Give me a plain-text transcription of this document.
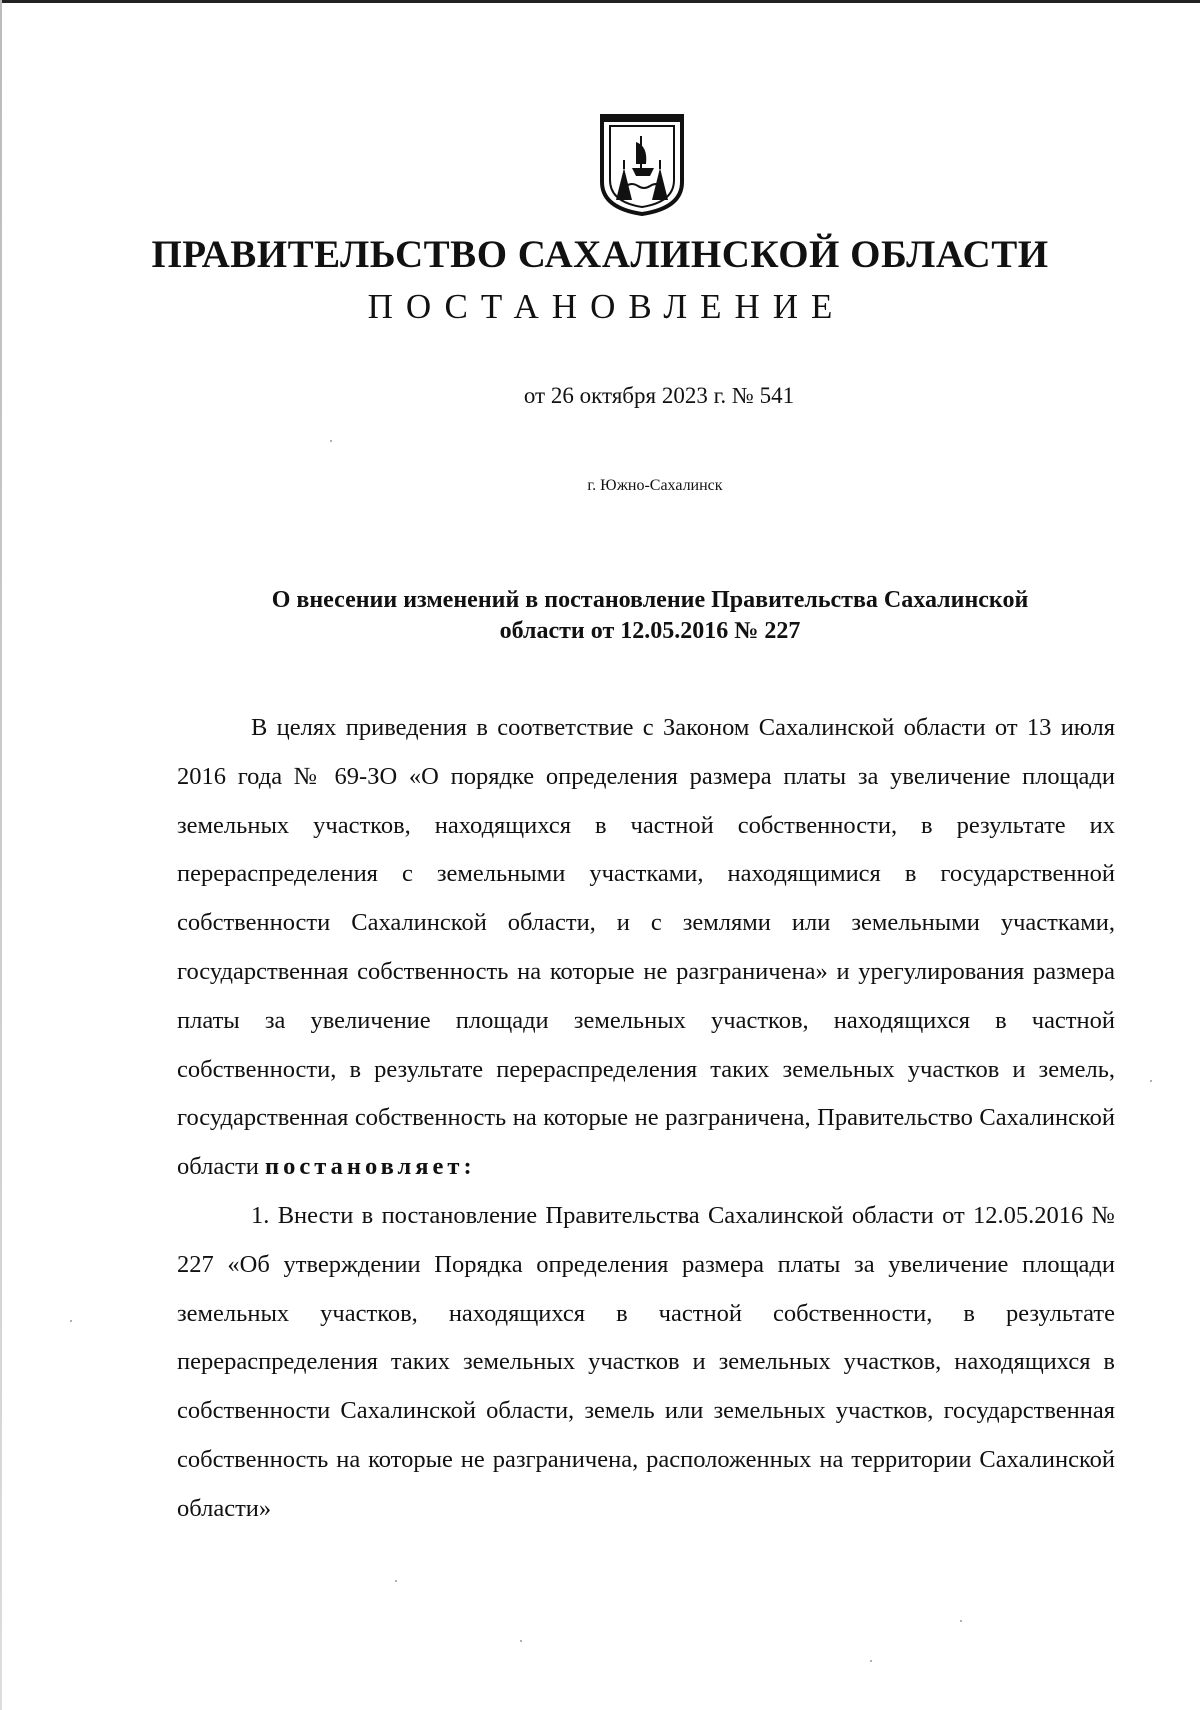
ПРАВИТЕЛЬСТВО САХАЛИНСКОЙ ОБЛАСТИ
ПОСТАНОВЛЕНИЕ
от 26 октября 2023 г. № 541
г. Южно-Сахалинск
О внесении изменений в постановление Правительства Сахалинской
области от 12.05.2016 № 227

В целях приведения в соответствие с Законом Сахалинской области от 13 июля 2016 года № 69-ЗО «О порядке определения размера платы за увеличение площади земельных участков, находящихся в частной собственности, в результате их перераспределения с земельными участками, находящимися в государственной собственности Сахалинской области, и с землями или земельными участками, государственная собственность на которые не разграничена» и урегулирования размера платы за увеличение площади земельных участков, находящихся в частной собственности, в результате перераспределения таких земельных участков и земель, государственная собственность на которые не разграничена, Правительство Сахалинской области постановляет:

1. Внести в постановление Правительства Сахалинской области от 12.05.2016 № 227 «Об утверждении Порядка определения размера платы за увеличение площади земельных участков, находящихся в частной собственности, в результате перераспределения таких земельных участков и земельных участков, находящихся в собственности Сахалинской области, земель или земельных участков, государственная собственность на которые не разграничена, расположенных на территории Сахалинской области»
